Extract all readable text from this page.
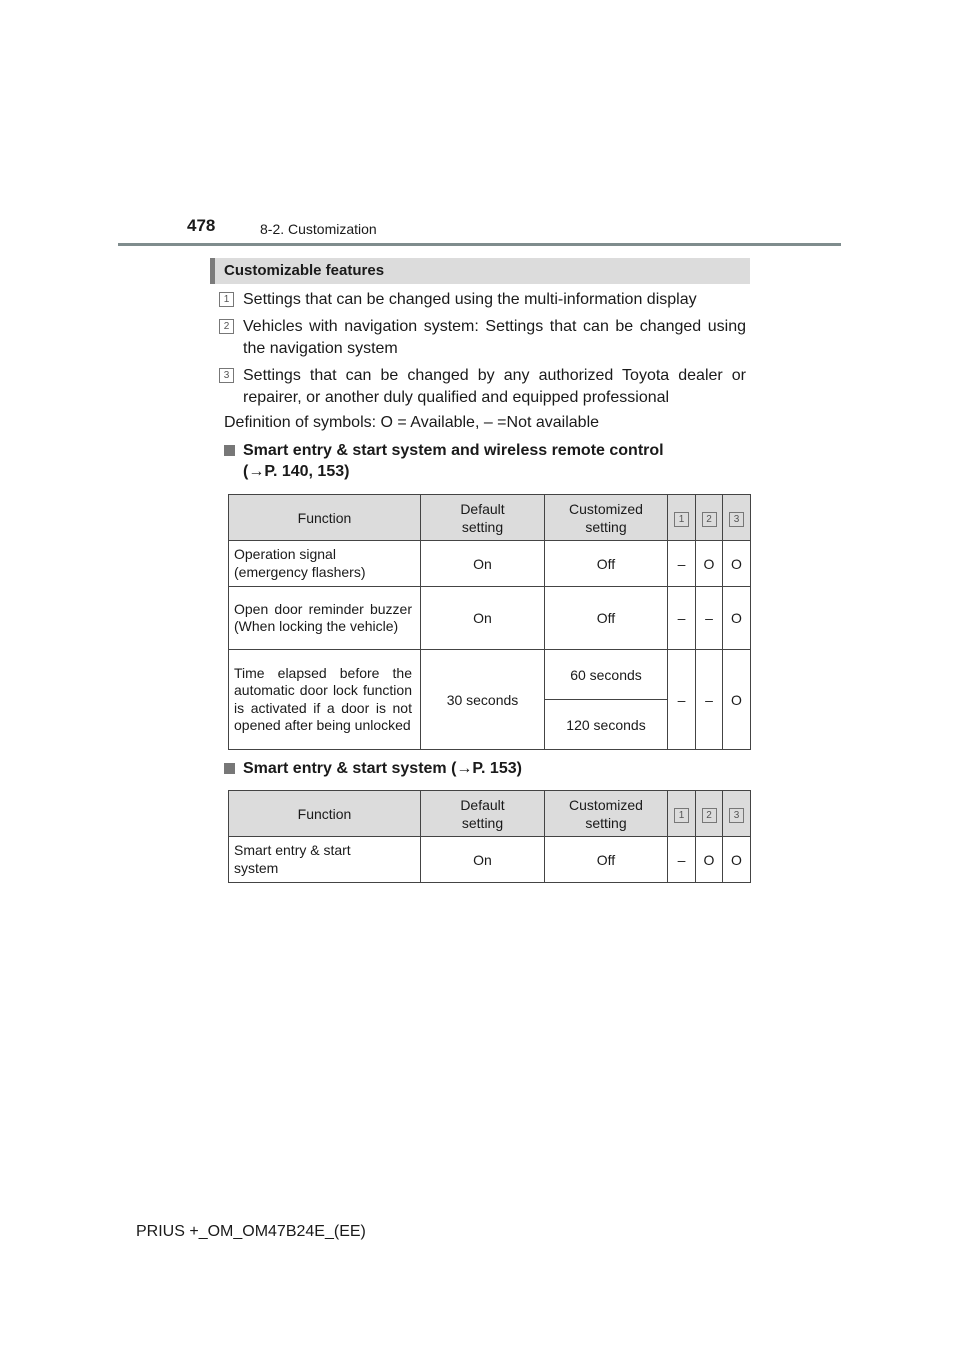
478	8-2. Customization
Customizable features
1 Settings that can be changed using the multi-information display
2 Vehicles with navigation system: Settings that can be changed using the navigation system
3 Settings that can be changed by any authorized Toyota dealer or repairer, or another duly qualified and equipped professional
Definition of symbols: O = Available, – =Not available
Smart entry & start system and wireless remote control
(→P. 140, 153)
Function	Default setting	Customized setting	1	2	3
Operation signal (emergency flashers)	On	Off	–	O	O
Open door reminder buzzer (When locking the vehicle)	On	Off	–	–	O
Time elapsed before the automatic door lock function is activated if a door is not opened after being unlocked	30 seconds	60 seconds	–	–	O
		120 seconds			
Smart entry & start system (→P. 153)
Function	Default setting	Customized setting	1	2	3

Smart entry & start system	On	Off	–	O	O
PRIUS +_OM_OM47B24E_(EE)
